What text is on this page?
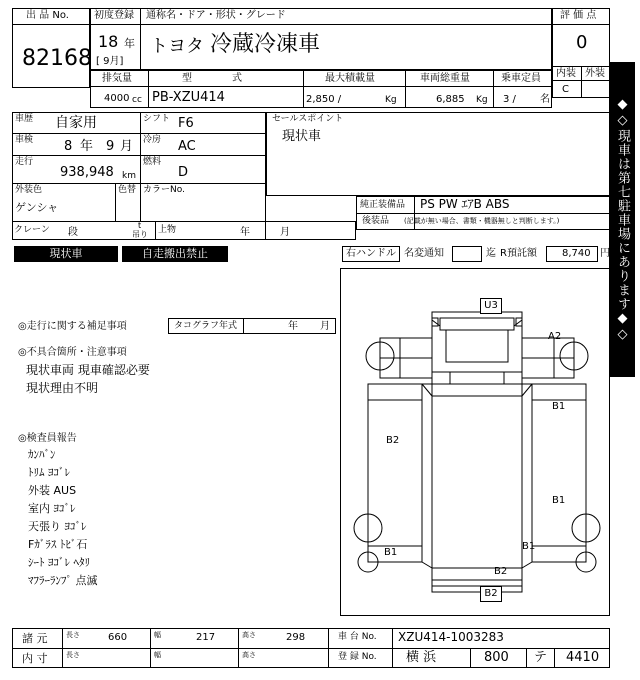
出 品 No.
82168
初度登録 通称名・ドア・形状・グレード
18 年
[ 9月]
トヨタ 冷蔵冷凍車
評 価 点
0
内装 外装
C
◆◇現車は第七駐車場にあります◆◇
排気量	型　　　　式	最大積載量	車両総重量	乗車定員
4000 cc PB-XZU414	2,850 /	Kg	6,885 Kg 3 / 名
車歴 自家用	シフト F6
車検 8 年 9 月 冷房 AC
走行
938,948 km
燃料
D
外装色
ゲンシャ
色替 カラーNo.
クレーン 段
t
吊り 上物	年	月
セールスポイント
現状車
純正装備品 PS PW ｴｱB ABS
後装品 (記載が無い場合、書類・機器無しと判断します。)
現状車	自走搬出禁止	右ハンドル 名変通知	迄 R預託額	8,740 円
◎走行に関する補足事項	タコグラフ年式	年 月
◎不具合箇所・注意事項
現状車両 現車確認必要
現状理由不明
◎検査員報告
ｶﾝﾊﾞﾝ
ﾄﾘﾑ ﾖｺﾞﾚ
外装 AUS
室内 ﾖｺﾞﾚ
天張り ﾖｺﾞﾚ
Fｶﾞﾗｽ ﾄﾋﾞ石
ｼｰﾄ ﾖｺﾞﾚ ﾍﾀﾘ
ﾏﾌﾗｰﾗﾝﾌﾟ 点滅
U3
A2
B1
B2
B1
B1
B1
B2
B2
諸 元	長さ	660	幅	217	高さ	298
内 寸	長さ	幅	高さ
車 台 No. XZU414-1003283
登 録 No. 横 浜	800 テ 4410
